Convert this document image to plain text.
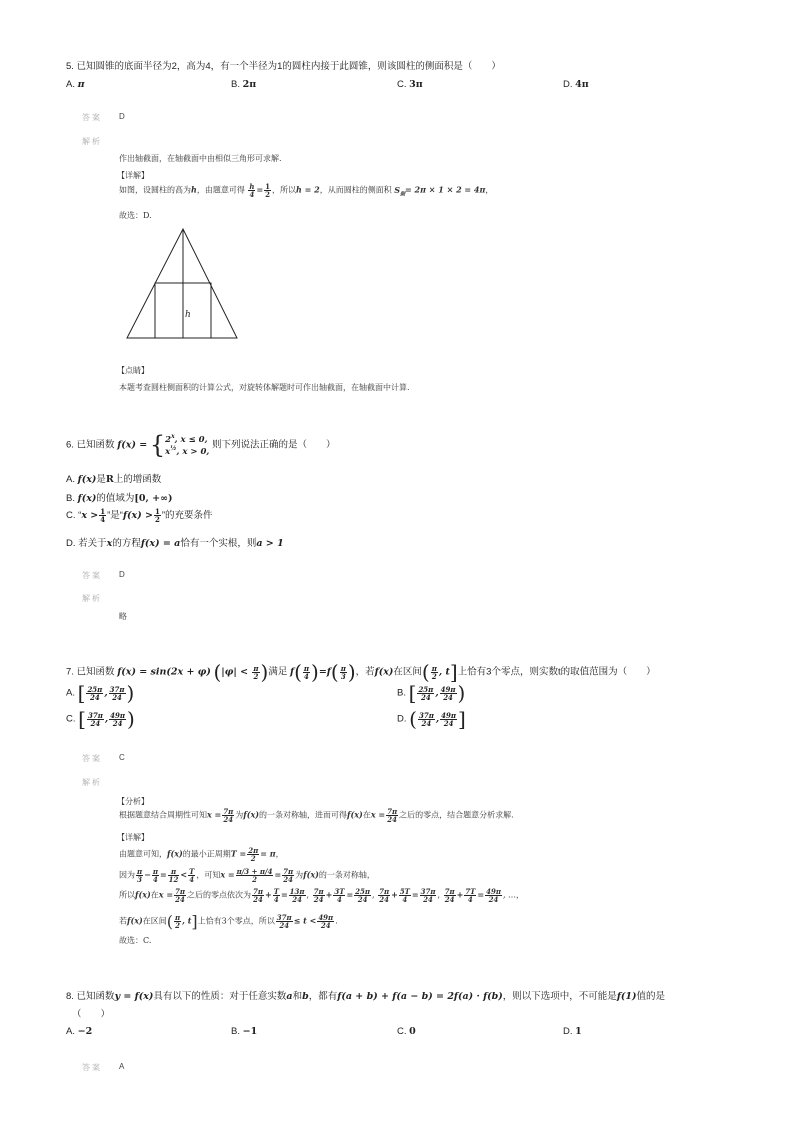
5. 已知圆锥的底面半径为2，高为4，有一个半径为1的圆柱内接于此圆锥，则该圆柱的侧面积是（　　）
A. π	B. 2π	C. 3π	D. 4π
答案 D
解析
作出轴截面，在轴截面中由相似三角形可求解.
【详解】
如图，设圆柱的高为h，由题意可得 $\frac{h}{4} = \frac{1}{2}$ ，所以h = 2，从而圆柱的侧面积 $S_側= 2\pi \times 1 \times 2 = 4\pi$，
故选：D.
h
【点睛】
本题考查圆柱侧面积的计算公式，对旋转体解题时可作出轴截面，在轴截面中计算.
6. 已知函数 $f(x) = \{2^x$, x ≤ 0,
$x^{\frac{1}{2}}$, x > 0, 则下列说法正确的是（　　）
A. f(x)是R上的增函数
B. f(x)的值域为[0, +∞)
C. “$x > \frac{1}{4}$ ”是“$f(x) > \frac{1}{2}$ ”的充要条件
D. 若关于x的方程f(x) = a恰有一个实根，则a > 1
答案 D
解析
略
7. 已知函数 f(x) = sin(2x + φ) ($|\varphi| < \frac{\pi}{2}$ )满足 $f( \frac{\pi}{4} )=f( \frac{\pi}{3}$ )，若f(x)在区间( $\frac{\pi}{2}$ , t]上恰有3个零点，则实数t的取值范围为（　　）
A. [ $\frac{25\pi}{24}$ , $\frac{37\pi}{24}$ )	B. [ $\frac{25\pi}{24}$ , $\frac{49\pi}{24}$ )
C. [ $\frac{37\pi}{24}$ , $\frac{49\pi}{24}$ )	D. ( $\frac{37\pi}{24}$ , $\frac{49\pi}{24}$ ]
答案 C
解析
【分析】
根据题意结合周期性可知$x = \frac{7\pi}{24}$ 为f(x)的一条对称轴，进而可得f(x)在$x = \frac{7\pi}{24}$ 之后的零点，结合题意分析求解.
【详解】
由题意可知，f(x)的最小正周期$T = \frac{2\pi}{2} = \pi$，
因为 $\frac{\pi}{3} - \frac{\pi}{4} = \frac{\pi}{12} < \frac{T}{4}$ ，可知$x = \frac{\pi/3 + \pi/4}{2} = \frac{7\pi}{24}$ 为f(x)的一条对称轴，
所以f(x)在$x = \frac{7\pi}{24}$ 之后的零点依次为 $\frac{7\pi}{24} + \frac{T}{4} = \frac{13\pi}{24}$ , $\frac{7\pi}{24} + \frac{3T}{4} = \frac{25\pi}{24}$ , $\frac{7\pi}{24} + \frac{5T}{4} = \frac{37\pi}{24}$ , $\frac{7\pi}{24} + \frac{7T}{4} = \frac{49\pi}{24}$ , …，
若f(x)在区间( $\frac{\pi}{2}$ , t]上恰有3个零点，所以 $\frac{37\pi}{24} \le t < \frac{49\pi}{24}$ .
故选：C.
8. 已知函数y = f(x)具有以下的性质：对于任意实数a和b，都有f(a + b) + f(a − b) = 2f(a) · f(b)，则以下选项中，不可能是f(1)值的是
（　　）
A. −2	B. −1	C. 0	D. 1
答案 A
